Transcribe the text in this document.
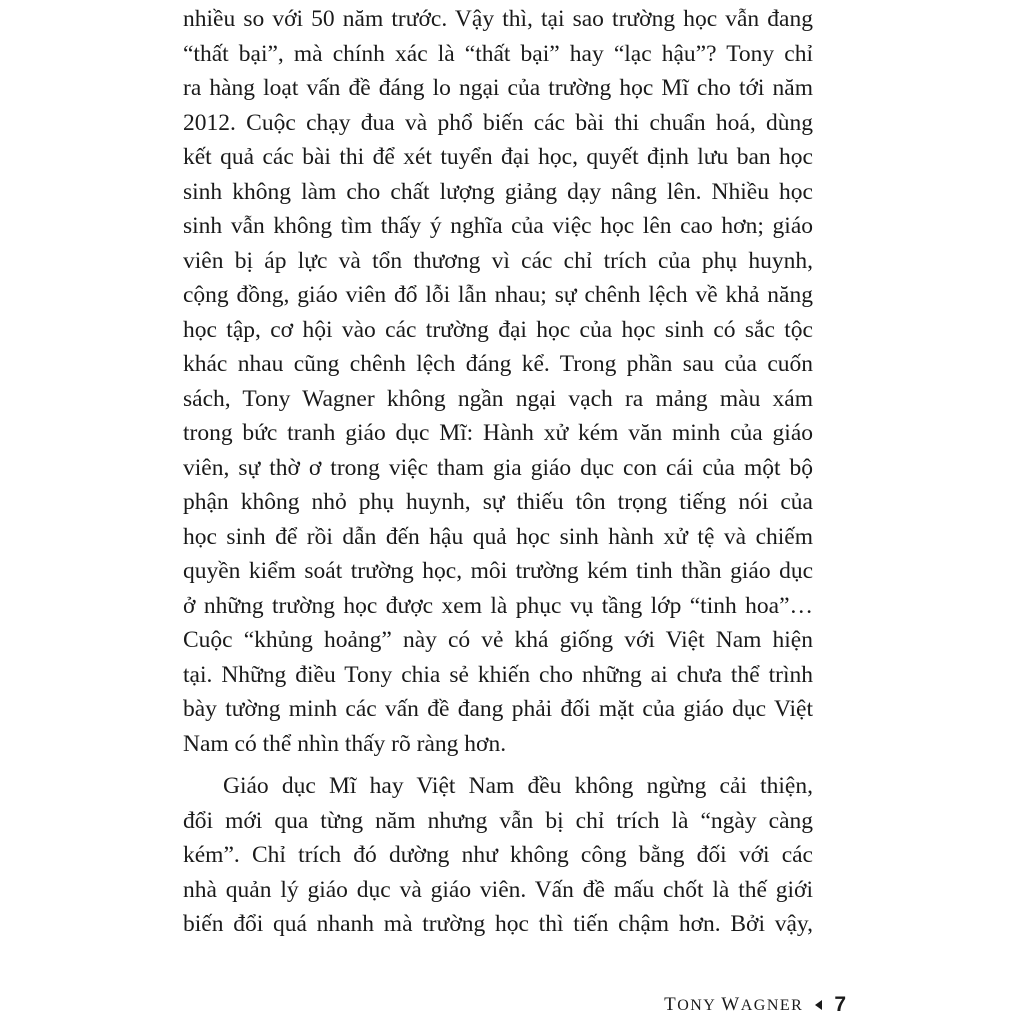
nhiều so với 50 năm trước. Vậy thì, tại sao trường học vẫn đang
“thất bại”, mà chính xác là “thất bại” hay “lạc hậu”? Tony chỉ
ra hàng loạt vấn đề đáng lo ngại của trường học Mĩ cho tới năm
2012. Cuộc chạy đua và phổ biến các bài thi chuẩn hoá, dùng
kết quả các bài thi để xét tuyển đại học, quyết định lưu ban học
sinh không làm cho chất lượng giảng dạy nâng lên. Nhiều học
sinh vẫn không tìm thấy ý nghĩa của việc học lên cao hơn; giáo
viên bị áp lực và tổn thương vì các chỉ trích của phụ huynh,
cộng đồng, giáo viên đổ lỗi lẫn nhau; sự chênh lệch về khả năng
học tập, cơ hội vào các trường đại học của học sinh có sắc tộc
khác nhau cũng chênh lệch đáng kể. Trong phần sau của cuốn
sách, Tony Wagner không ngần ngại vạch ra mảng màu xám
trong bức tranh giáo dục Mĩ: Hành xử kém văn minh của giáo
viên, sự thờ ơ trong việc tham gia giáo dục con cái của một bộ
phận không nhỏ phụ huynh, sự thiếu tôn trọng tiếng nói của
học sinh để rồi dẫn đến hậu quả học sinh hành xử tệ và chiếm
quyền kiểm soát trường học, môi trường kém tinh thần giáo dục
ở những trường học được xem là phục vụ tầng lớp “tinh hoa”…
Cuộc “khủng hoảng” này có vẻ khá giống với Việt Nam hiện
tại. Những điều Tony chia sẻ khiến cho những ai chưa thể trình
bày tường minh các vấn đề đang phải đối mặt của giáo dục Việt
Nam có thể nhìn thấy rõ ràng hơn.
Giáo dục Mĩ hay Việt Nam đều không ngừng cải thiện,
đổi mới qua từng năm nhưng vẫn bị chỉ trích là “ngày càng
kém”. Chỉ trích đó dường như không công bằng đối với các
nhà quản lý giáo dục và giáo viên. Vấn đề mấu chốt là thế giới
biến đổi quá nhanh mà trường học thì tiến chậm hơn. Bởi vậy,
TONY WAGNER 7
